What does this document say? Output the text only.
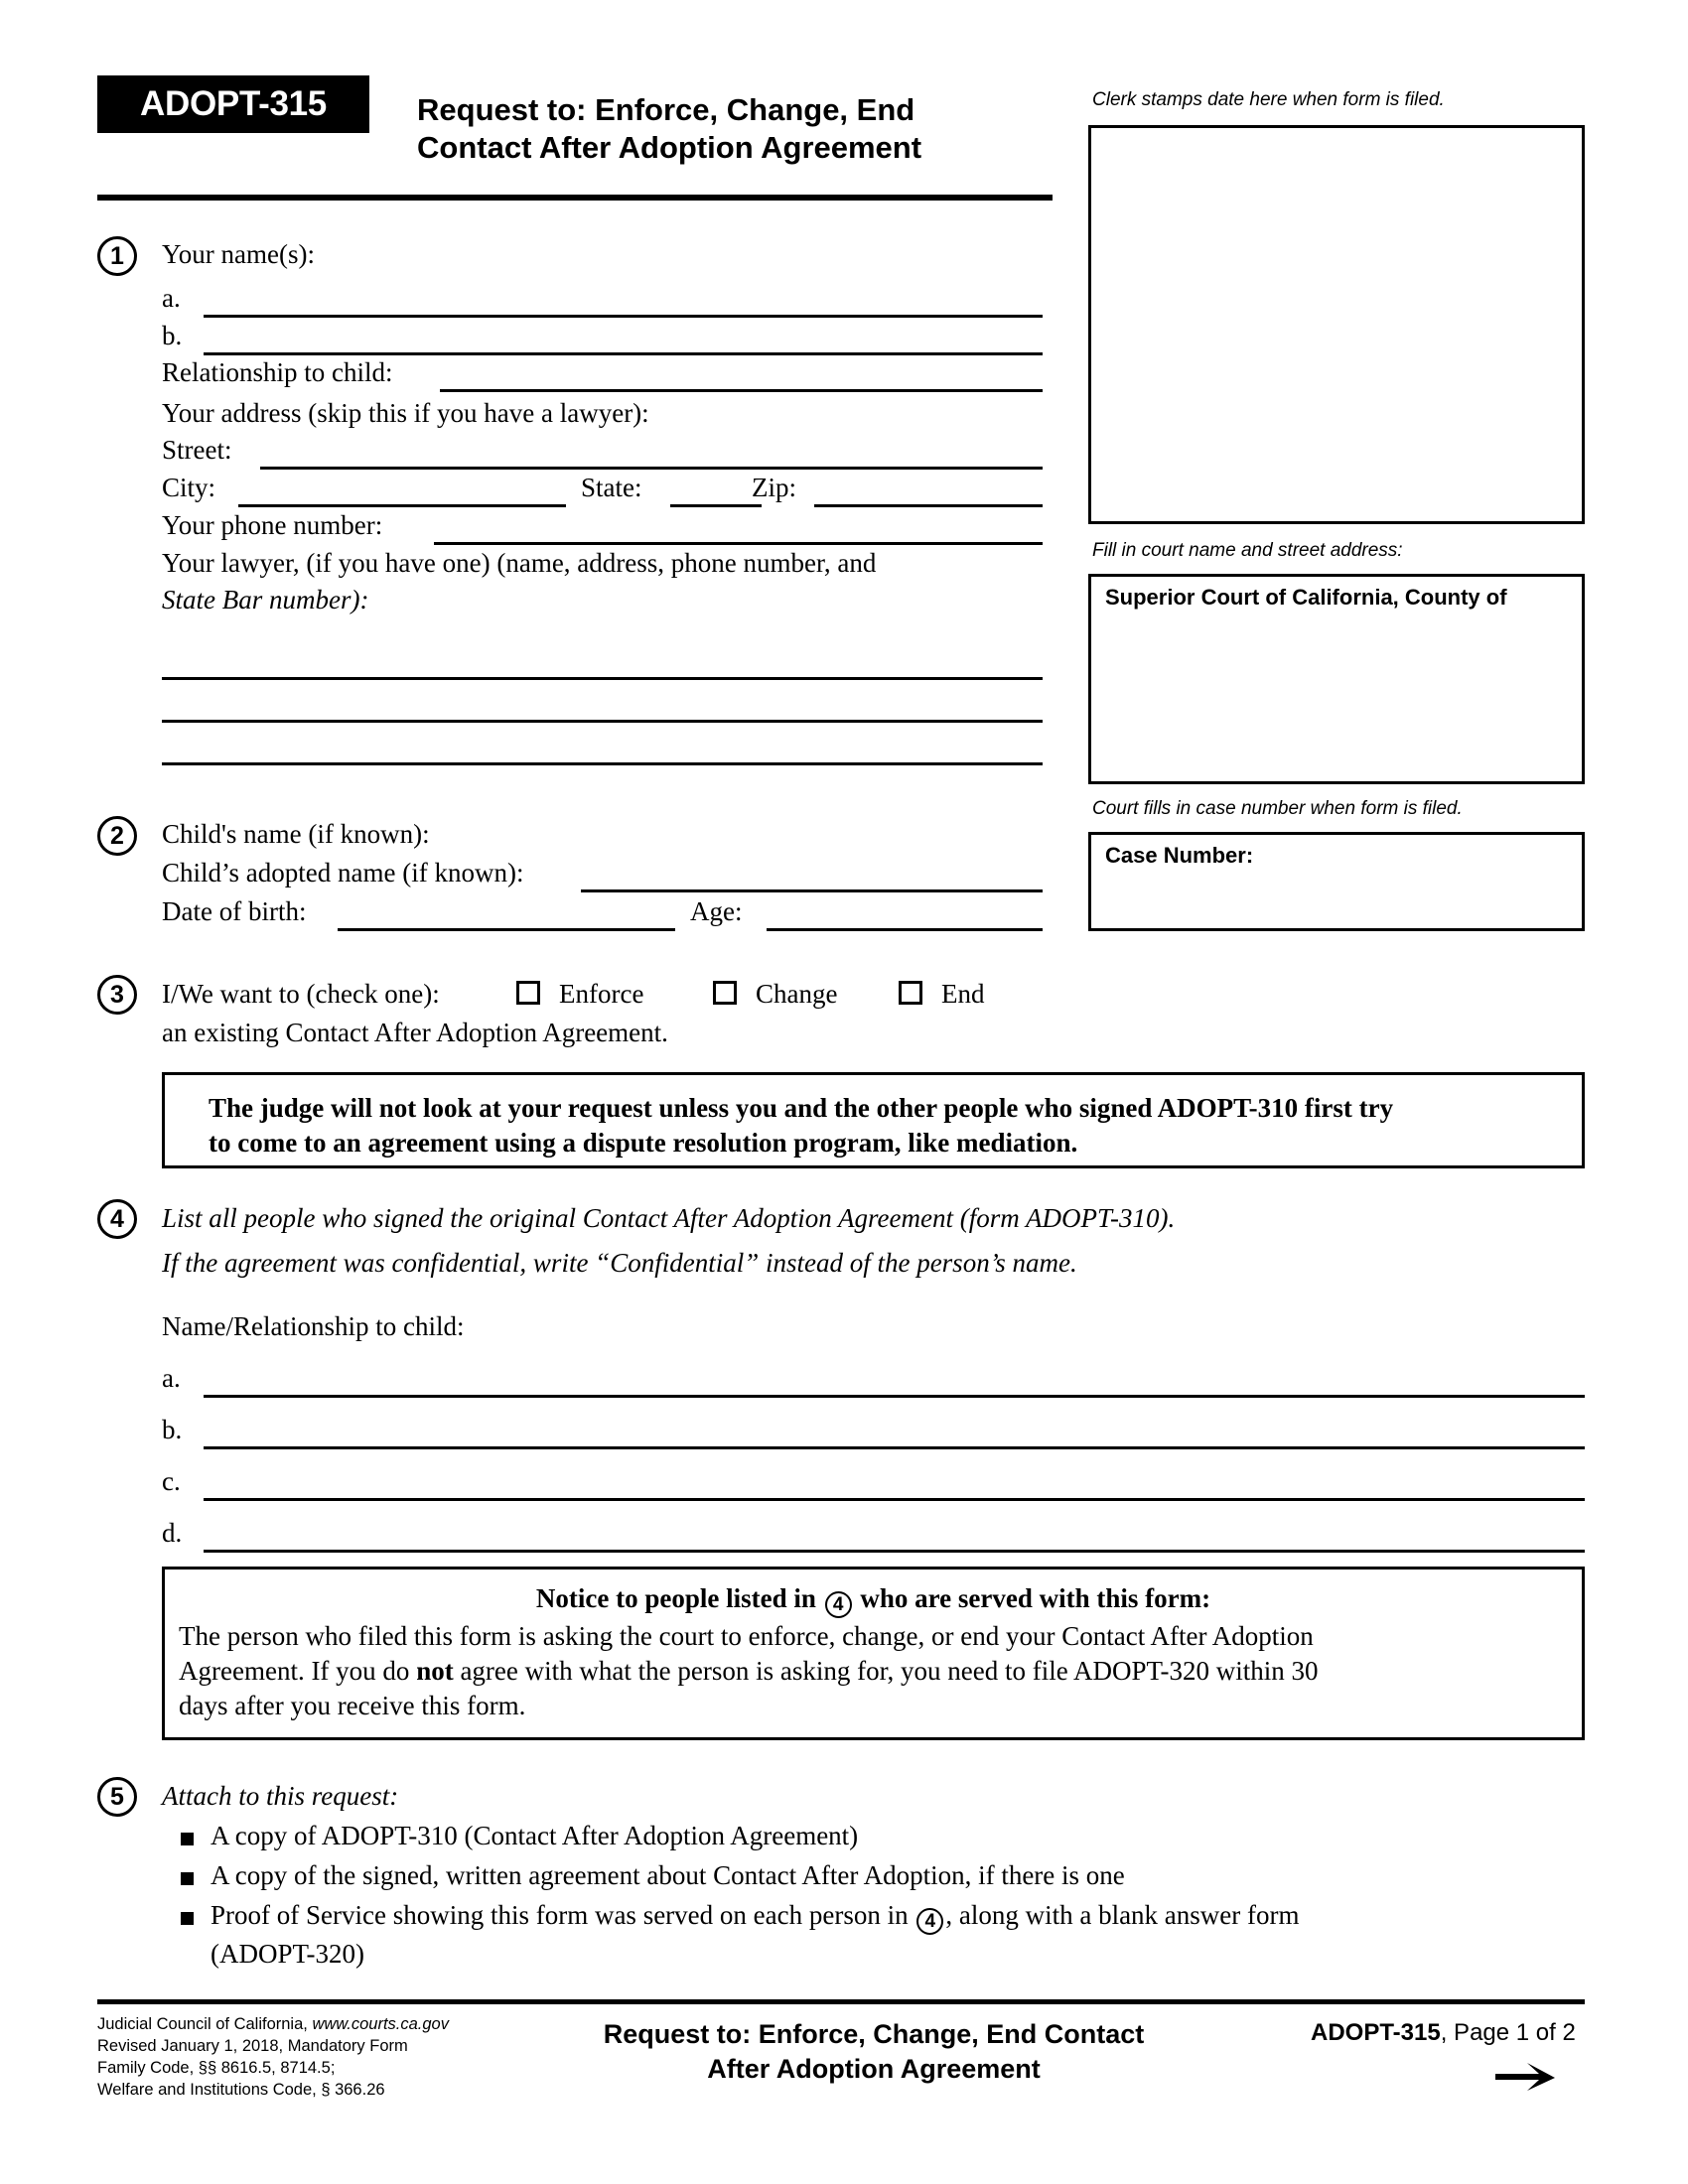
ADOPT-315	Request to: Enforce, Change, End
Contact After Adoption Agreement
Clerk stamps date here when form is filed.
Fill in court name and street address:
Superior Court of California, County of
Court fills in case number when form is filed.
Case Number:
1	Your name(s):
a.
b.
Relationship to child:
Your address (skip this if you have a lawyer):
Street:
City:	State:	Zip:
Your phone number:
Your lawyer, (if you have one) (name, address, phone number, and
State Bar number):
2	Child's name (if known):
Child’s adopted name (if known):
Date of birth:	Age:
3	I/We want to (check one):	Enforce	Change	End
an existing Contact After Adoption Agreement.
The judge will not look at your request unless you and the other people who signed ADOPT-310 first try
to come to an agreement using a dispute resolution program, like mediation.
4	List all people who signed the original Contact After Adoption Agreement (form ADOPT-310).
If the agreement was confidential, write “Confidential” instead of the person’s name.
Name/Relationship to child:
a.
b.
c.
d.
Notice to people listed in 4 who are served with this form:
The person who filed this form is asking the court to enforce, change, or end your Contact After Adoption
Agreement. If you do not agree with what the person is asking for, you need to file ADOPT-320 within 30
days after you receive this form.
5	Attach to this request:
A copy of ADOPT-310 (Contact After Adoption Agreement)
A copy of the signed, written agreement about Contact After Adoption, if there is one
Proof of Service showing this form was served on each person in 4 , along with a blank answer form
(ADOPT-320)
Judicial Council of California, www.courts.ca.gov
Revised January 1, 2018, Mandatory Form
Family Code, §§ 8616.5, 8714.5;
Welfare and Institutions Code, § 366.26
Request to: Enforce, Change, End Contact
After Adoption Agreement
ADOPT-315, Page 1 of 2
